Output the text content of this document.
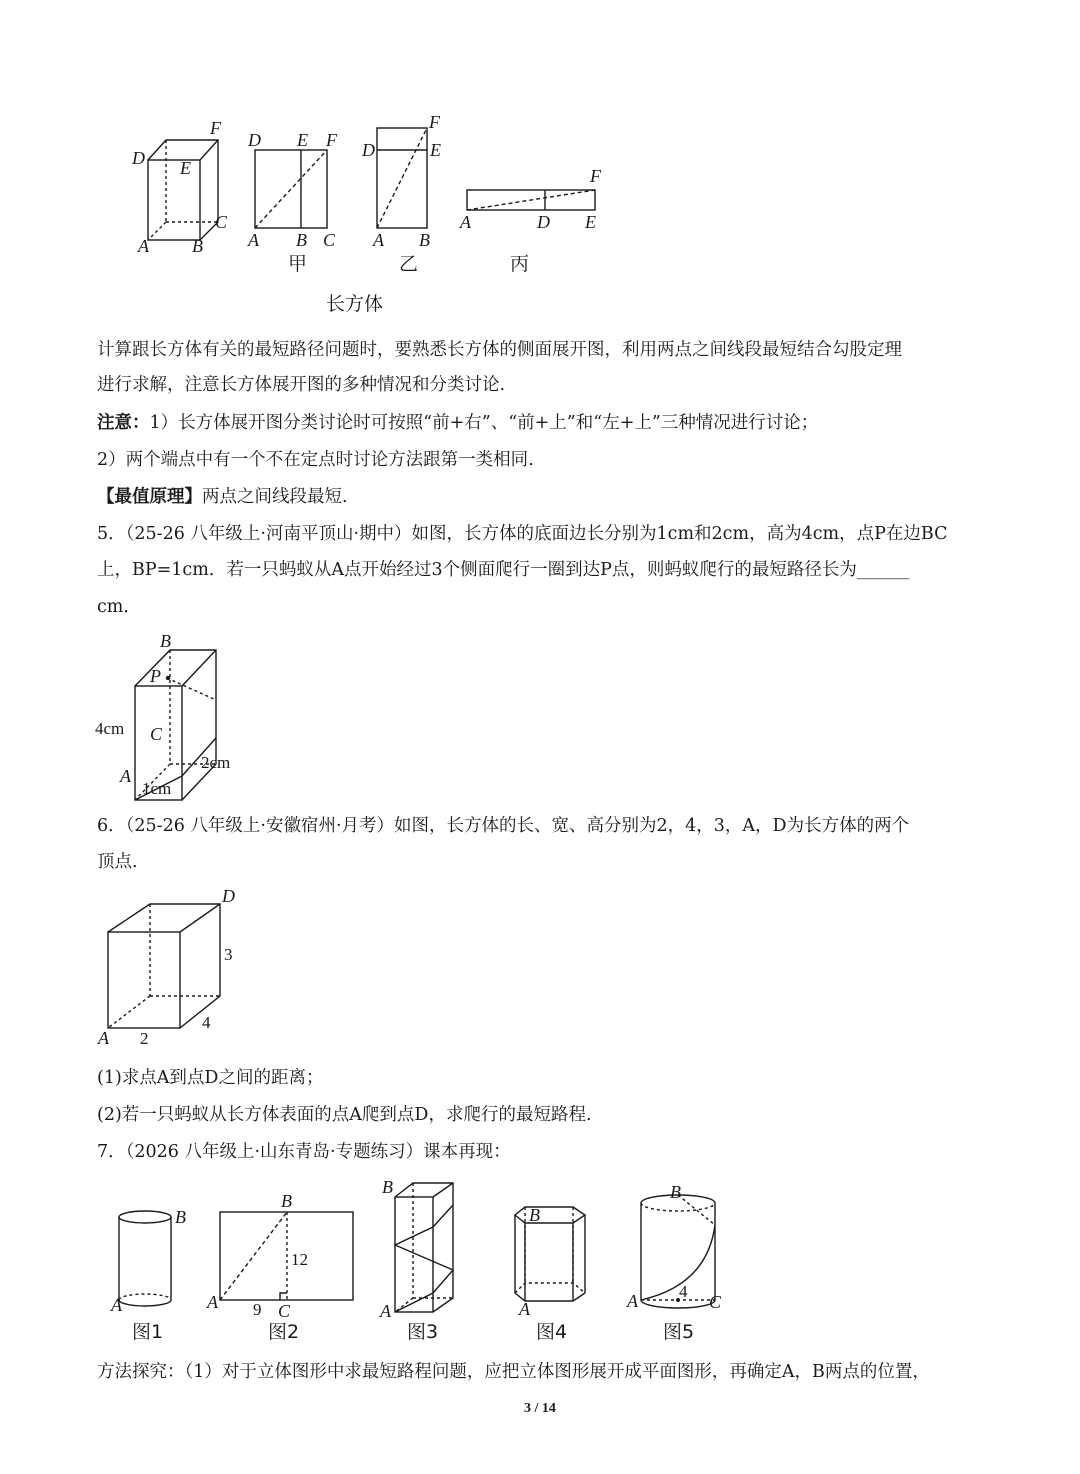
D E
F
C
A B
D E F
A B C
D
F
E
A B
A	D
F
E
甲	乙	丙
长方体
计算跟长方体有关的最短路径问题时，要熟悉长方体的侧面展开图，利用两点之间线段最短结合勾股定理
进行求解，注意长方体展开图的多种情况和分类讨论.
注意：1）长方体展开图分类讨论时可按照“前+右”、“前+上”和“左+上”三种情况进行讨论；
2）两个端点中有一个不在定点时讨论方法跟第一类相同.
【最值原理】两点之间线段最短.
5．（25-26 八年级上·河南平顶山·期中）如图，长方体的底面边长分别为1cm和2cm，高为4cm，点P在边BC
上，BP=1cm．若一只蚂蚁从A点开始经过3个侧面爬行一圈到达P点，则蚂蚁爬行的最短路径长为______
cm．
B
P
C
A
4cm
2cm
1cm
6．（25-26 八年级上·安徽宿州·月考）如图，长方体的长、宽、高分别为2，4，3，A，D为长方体的两个
顶点.
D
A 2
4
3
(1)求点A到点D之间的距离；
(2)若一只蚂蚁从长方体表面的点A爬到点D，求爬行的最短路程.
7．（2026 八年级上·山东青岛·专题练习）课本再现：
B
A
B
A	C
12
9
B
A
B
A
B
A	C
4
图1	图2	图3	图4	图5
方法探究：（1）对于立体图形中求最短路程问题，应把立体图形展开成平面图形，再确定A，B两点的位置，
3 / 14
